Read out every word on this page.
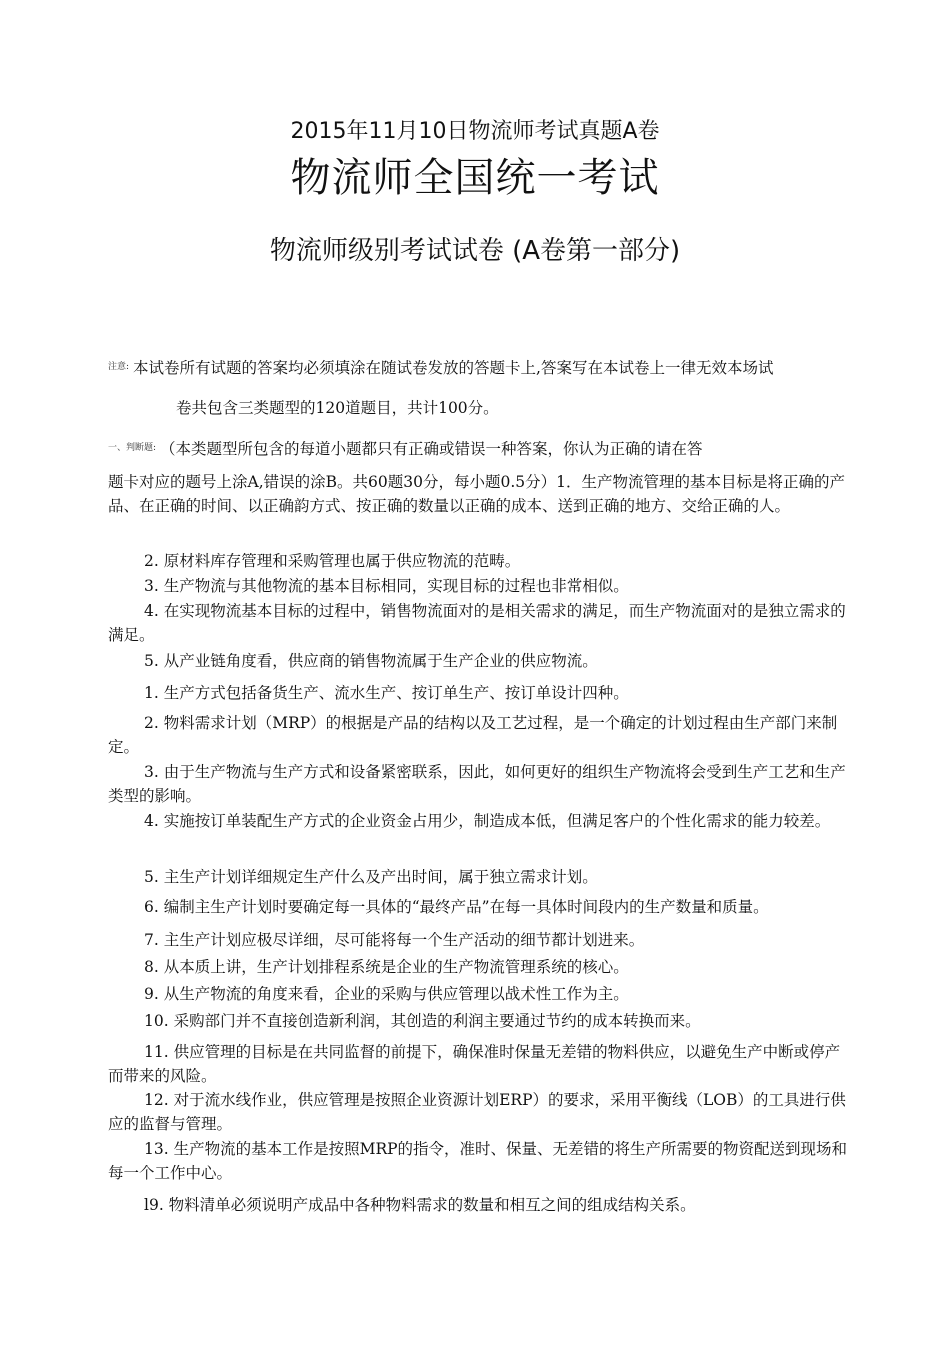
2015年11月10日物流师考试真题A卷
物流师全国统一考试
物流师级别考试试卷 (A卷第一部分)
$^{注意:}$ 本试卷所有试题的答案均必须填涂在随试卷发放的答题卡上,答案写在本试卷上一律无效本场试
卷共包含三类题型的120道题目，共计100分。
$^{一、判断题:}$ （本类题型所包含的每道小题都只有正确或错误一种答案，你认为正确的请在答
题卡对应的题号上涂A,错误的涂B。共60题30分，每小题0.5分）1．生产物流管理的基本目标是将正确的产品、在正确的时间、以正确韵方式、按正确的数量以正确的成本、送到正确的地方、交给正确的人。
2. 原材料库存管理和采购管理也属于供应物流的范畴。
3. 生产物流与其他物流的基本目标相同，实现目标的过程也非常相似。
4. 在实现物流基本目标的过程中，销售物流面对的是相关需求的满足，而生产物流面对的是独立需求的满足。
5. 从产业链角度看，供应商的销售物流属于生产企业的供应物流。
1. 生产方式包括备货生产、流水生产、按订单生产、按订单设计四种。
2. 物料需求计划（MRP）的根据是产品的结构以及工艺过程，是一个确定的计划过程由生产部门来制定。
3. 由于生产物流与生产方式和设备紧密联系，因此，如何更好的组织生产物流将会受到生产工艺和生产类型的影响。
4. 实施按订单装配生产方式的企业资金占用少，制造成本低，但满足客户的个性化需求的能力较差。
5. 主生产计划详细规定生产什么及产出时间，属于独立需求计划。
6. 编制主生产计划时要确定每一具体的“最终产品”在每一具体时间段内的生产数量和质量。
7. 主生产计划应极尽详细，尽可能将每一个生产活动的细节都计划进来。
8. 从本质上讲，生产计划排程系统是企业的生产物流管理系统的核心。
9. 从生产物流的角度来看，企业的采购与供应管理以战术性工作为主。
10. 采购部门并不直接创造新利润，其创造的利润主要通过节约的成本转换而来。
11. 供应管理的目标是在共同监督的前提下，确保准时保量无差错的物料供应，以避免生产中断或停产而带来的风险。
12. 对于流水线作业，供应管理是按照企业资源计划ERP）的要求，采用平衡线（LOB）的工具进行供应的监督与管理。
13. 生产物流的基本工作是按照MRP的指令，准时、保量、无差错的将生产所需要的物资配送到现场和每一个工作中心。
l9. 物料清单必须说明产成品中各种物料需求的数量和相互之间的组成结构关系。
